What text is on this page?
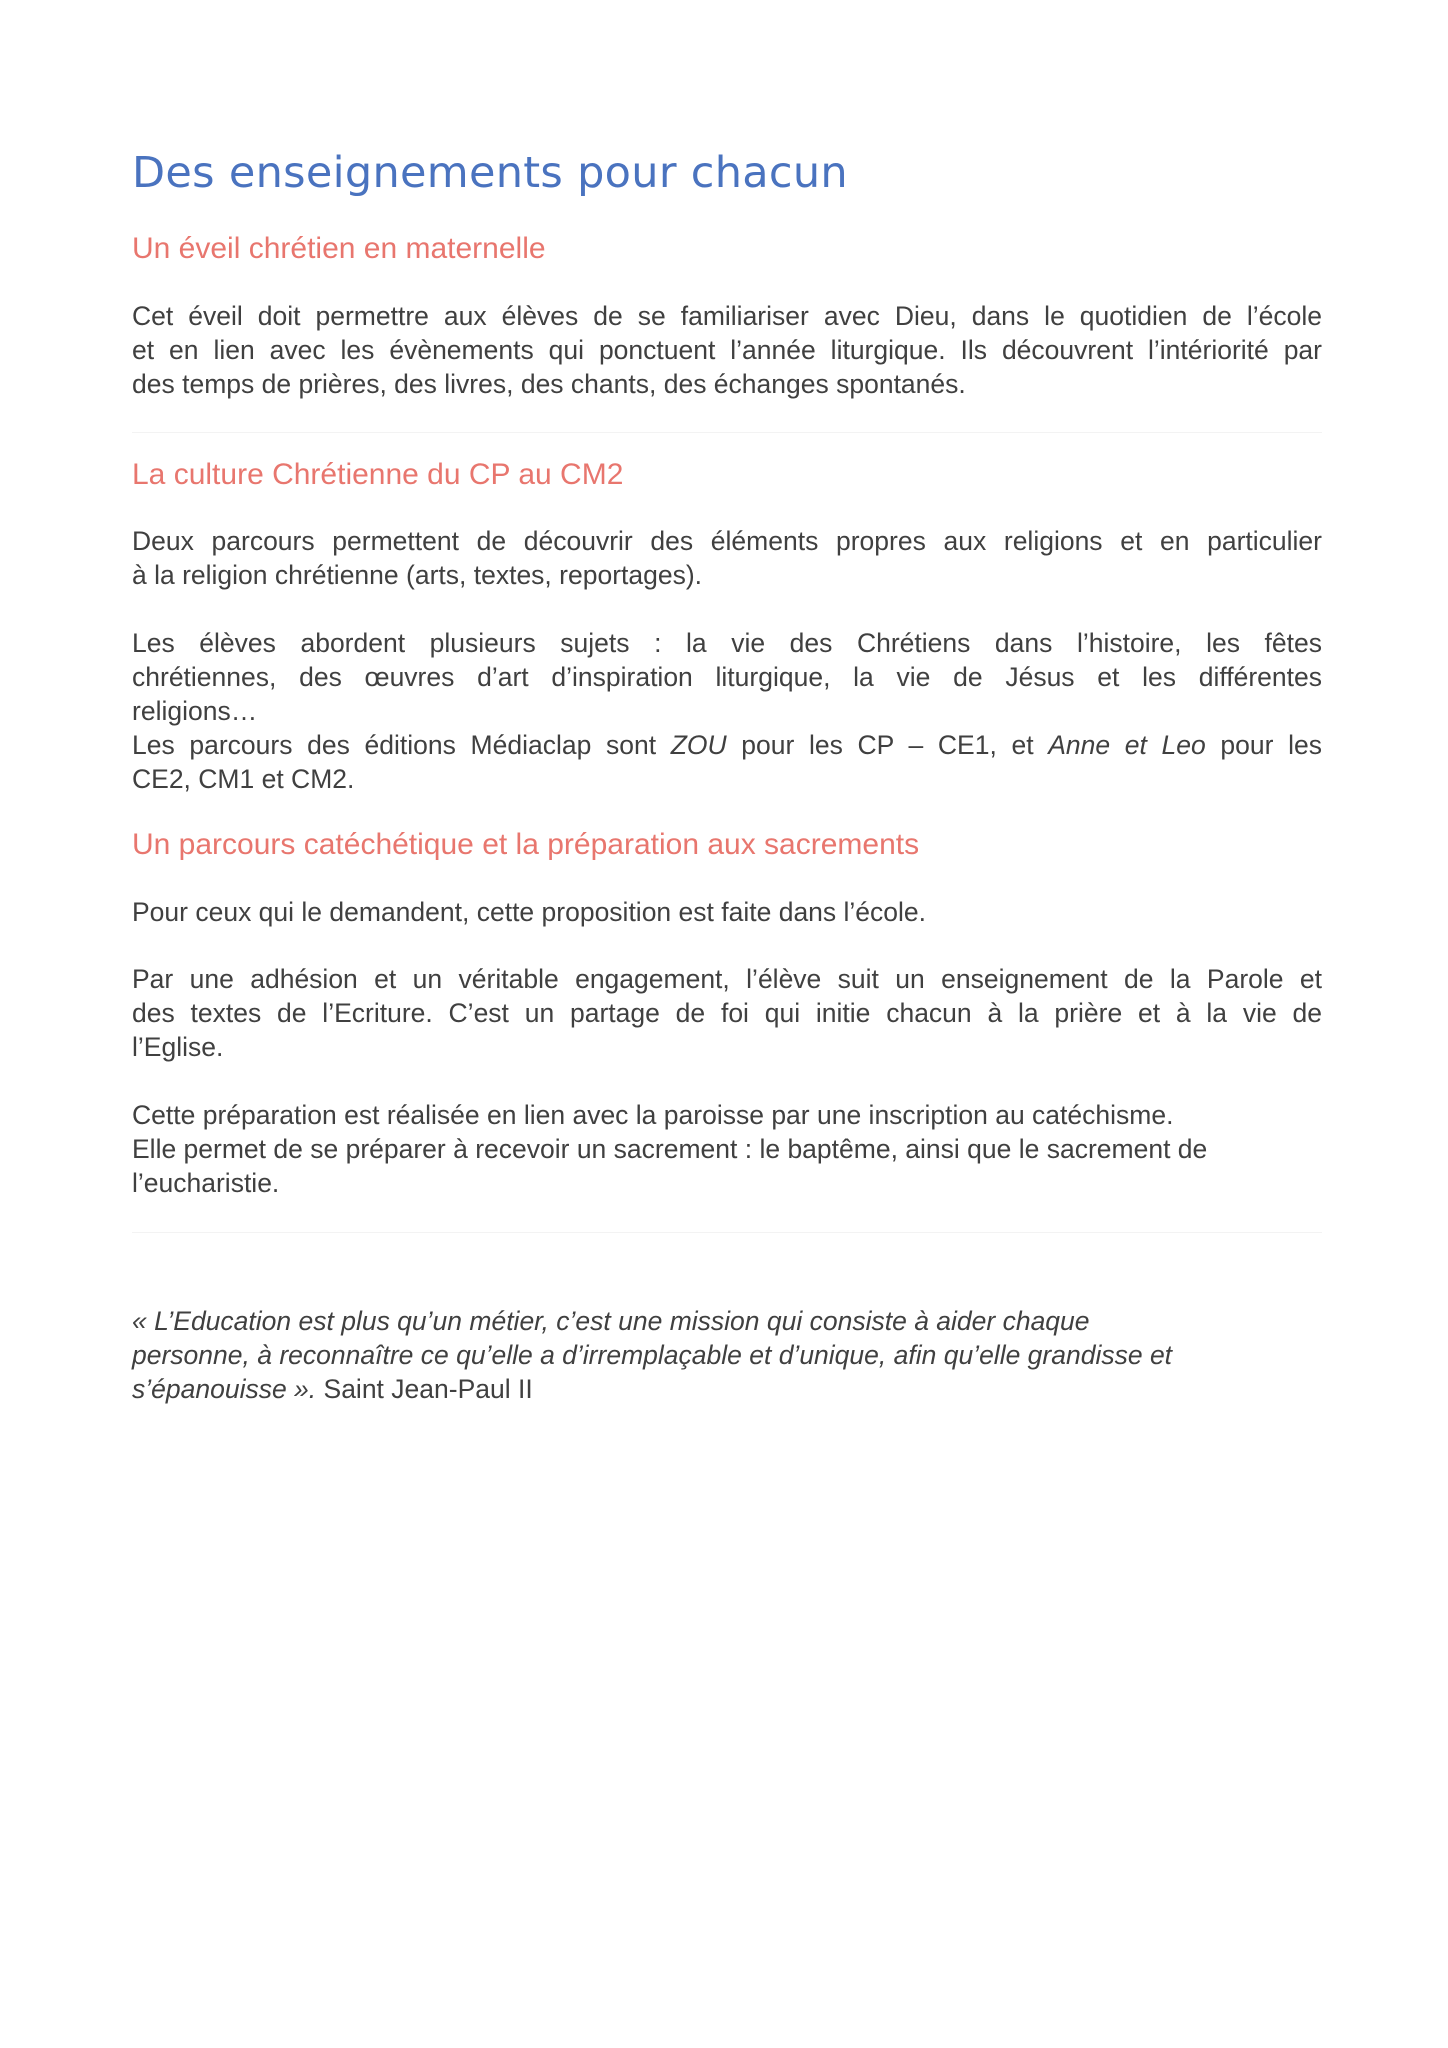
Des enseignements pour chacun
Un éveil chrétien en maternelle

Cet éveil doit permettre aux élèves de se familiariser avec Dieu, dans le quotidien de l’école
et en lien avec les évènements qui ponctuent l’année liturgique. Ils découvrent l’intériorité par
des temps de prières, des livres, des chants, des échanges spontanés.

La culture Chrétienne du CP au CM2

Deux parcours permettent de découvrir des éléments propres aux religions et en particulier
à la religion chrétienne (arts, textes, reportages).

Les élèves abordent plusieurs sujets : la vie des Chrétiens dans l’histoire, les fêtes
chrétiennes, des œuvres d’art d’inspiration liturgique, la vie de Jésus et les différentes
religions…

Les parcours des éditions Médiaclap sont ZOU pour les CP – CE1, et Anne et Leo pour les
CE2, CM1 et CM2.

Un parcours catéchétique et la préparation aux sacrements

Pour ceux qui le demandent, cette proposition est faite dans l’école.

Par une adhésion et un véritable engagement, l’élève suit un enseignement de la Parole et
des textes de l’Ecriture. C’est un partage de foi qui initie chacun à la prière et à la vie de
l’Eglise.

Cette préparation est réalisée en lien avec la paroisse par une inscription au catéchisme.
Elle permet de se préparer à recevoir un sacrement : le baptême, ainsi que le sacrement de
l’eucharistie.

« L’Education est plus qu’un métier, c’est une mission qui consiste à aider chaque
personne, à reconnaître ce qu’elle a d’irremplaçable et d’unique, afin qu’elle grandisse et
s’épanouisse ». Saint Jean-Paul II
